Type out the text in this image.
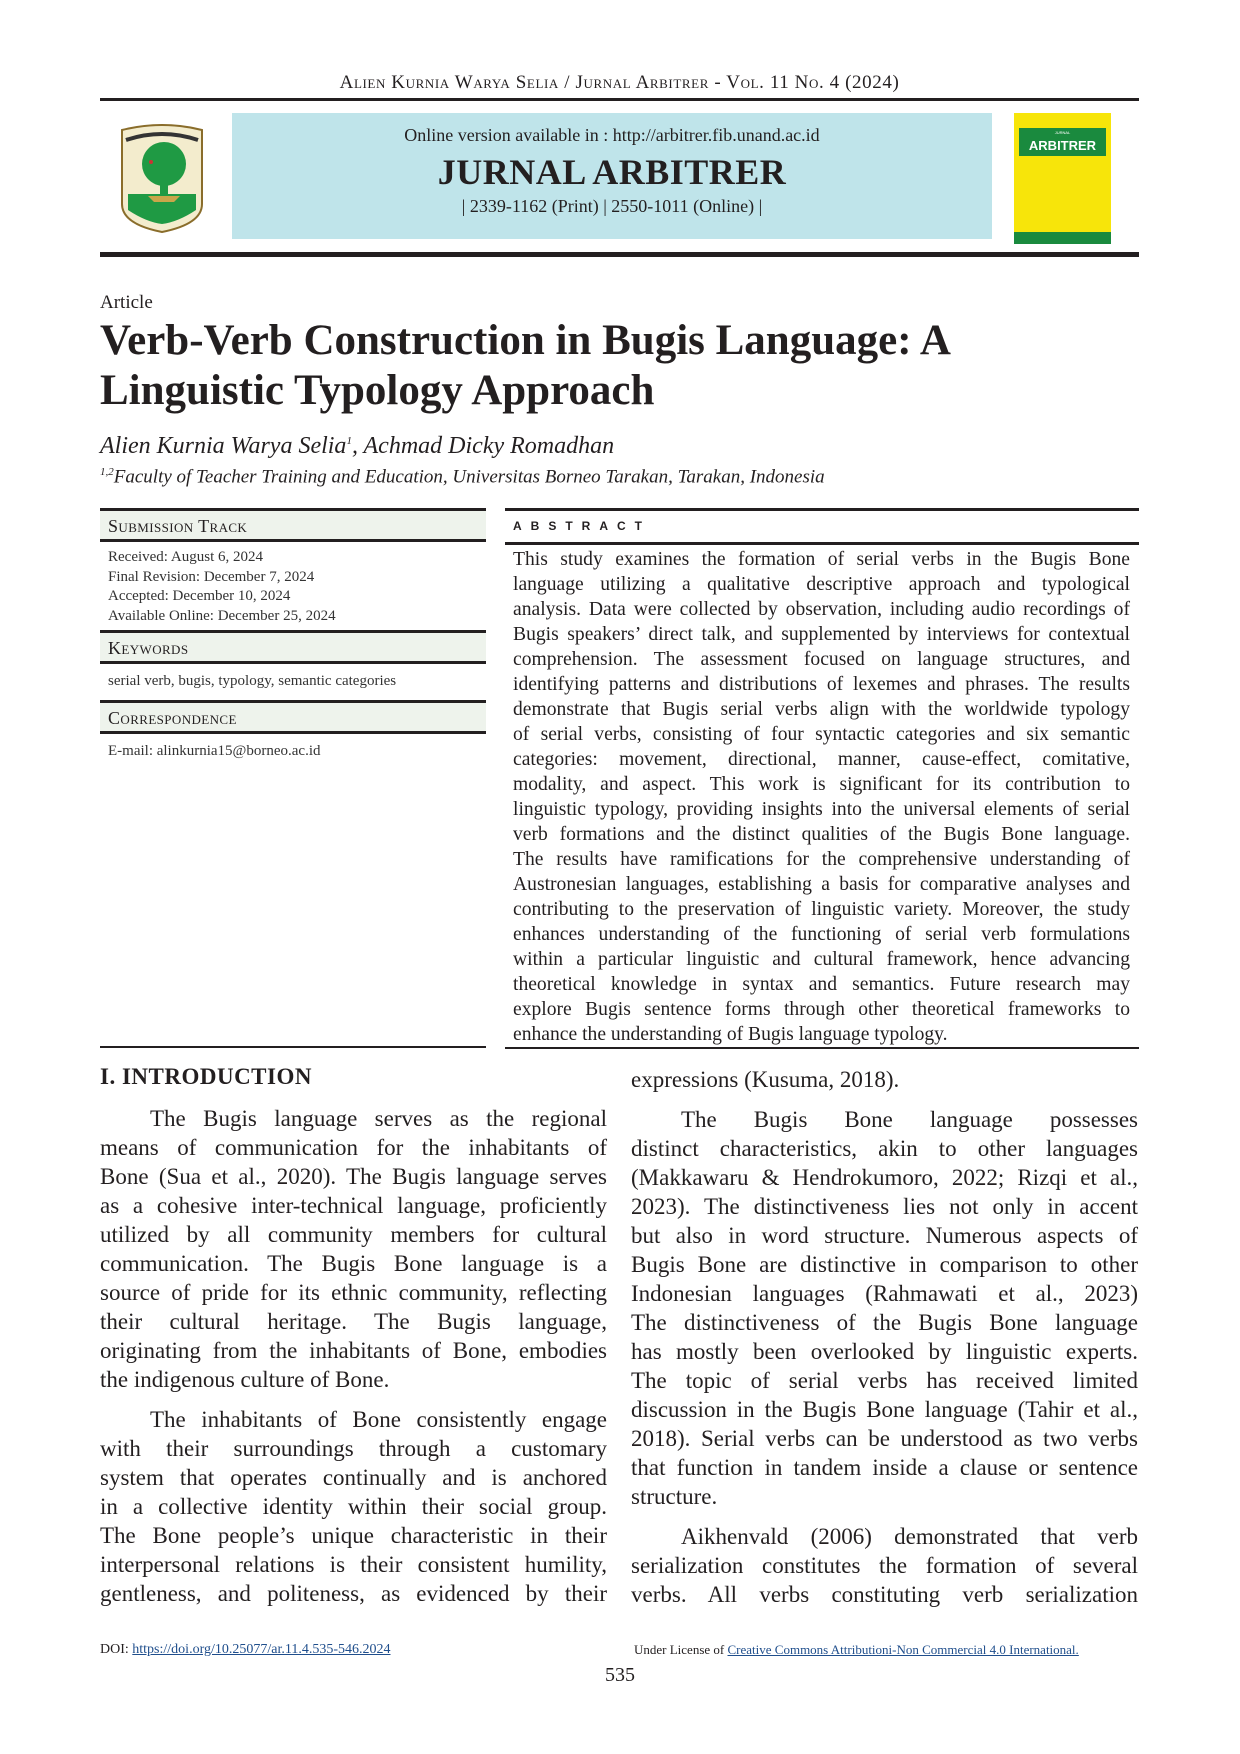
Alien Kurnia Warya Selia / Jurnal Arbitrer - Vol. 11 No. 4 (2024)
Online version available in : http://arbitrer.fib.unand.ac.id
JURNAL ARBITRER
| 2339-1162 (Print) | 2550-1011 (Online) |
JURNAL
ARBITRER
Article
Verb-Verb Construction in Bugis Language: A Linguistic Typology Approach
Alien Kurnia Warya Selia$^1$, Achmad Dicky Romadhan
$^{1,2}$Faculty of Teacher Training and Education, Universitas Borneo Tarakan, Tarakan, Indonesia
Submission Track
Received: August 6, 2024
Final Revision: December 7, 2024
Accepted: December 10, 2024
Available Online: December 25, 2024
Keywords
serial verb, bugis, typology, semantic categories
Correspondence
E-mail: alinkurnia15@borneo.ac.id
ABSTRACT
This study examines the formation of serial verbs in the Bugis Bone
language utilizing a qualitative descriptive approach and typological
analysis. Data were collected by observation, including audio recordings of
Bugis speakers’ direct talk, and supplemented by interviews for contextual
comprehension. The assessment focused on language structures, and
identifying patterns and distributions of lexemes and phrases. The results
demonstrate that Bugis serial verbs align with the worldwide typology
of serial verbs, consisting of four syntactic categories and six semantic
categories: movement, directional, manner, cause-effect, comitative,
modality, and aspect. This work is significant for its contribution to
linguistic typology, providing insights into the universal elements of serial
verb formations and the distinct qualities of the Bugis Bone language.
The results have ramifications for the comprehensive understanding of
Austronesian languages, establishing a basis for comparative analyses and
contributing to the preservation of linguistic variety. Moreover, the study
enhances understanding of the functioning of serial verb formulations
within a particular linguistic and cultural framework, hence advancing
theoretical knowledge in syntax and semantics. Future research may
explore Bugis sentence forms through other theoretical frameworks to
enhance the understanding of Bugis language typology.
I. INTRODUCTION
The Bugis language serves as the regional
means of communication for the inhabitants of
Bone (Sua et al., 2020). The Bugis language serves
as a cohesive inter-technical language, proficiently
utilized by all community members for cultural
communication. The Bugis Bone language is a
source of pride for its ethnic community, reflecting
their cultural heritage. The Bugis language,
originating from the inhabitants of Bone, embodies
the indigenous culture of Bone.
The inhabitants of Bone consistently engage
with their surroundings through a customary
system that operates continually and is anchored
in a collective identity within their social group.
The Bone people’s unique characteristic in their
interpersonal relations is their consistent humility,
gentleness, and politeness, as evidenced by their
expressions (Kusuma, 2018).
The Bugis Bone language possesses
distinct characteristics, akin to other languages
(Makkawaru & Hendrokumoro, 2022; Rizqi et al.,
2023). The distinctiveness lies not only in accent
but also in word structure. Numerous aspects of
Bugis Bone are distinctive in comparison to other
Indonesian languages (Rahmawati et al., 2023)
The distinctiveness of the Bugis Bone language
has mostly been overlooked by linguistic experts.
The topic of serial verbs has received limited
discussion in the Bugis Bone language (Tahir et al.,
2018). Serial verbs can be understood as two verbs
that function in tandem inside a clause or sentence
structure.
Aikhenvald (2006) demonstrated that verb
serialization constitutes the formation of several
verbs. All verbs constituting verb serialization
DOI: https://doi.org/10.25077/ar.11.4.535-546.2024	Under License of Creative Commons Attributioni-Non Commercial 4.0 International.
535
